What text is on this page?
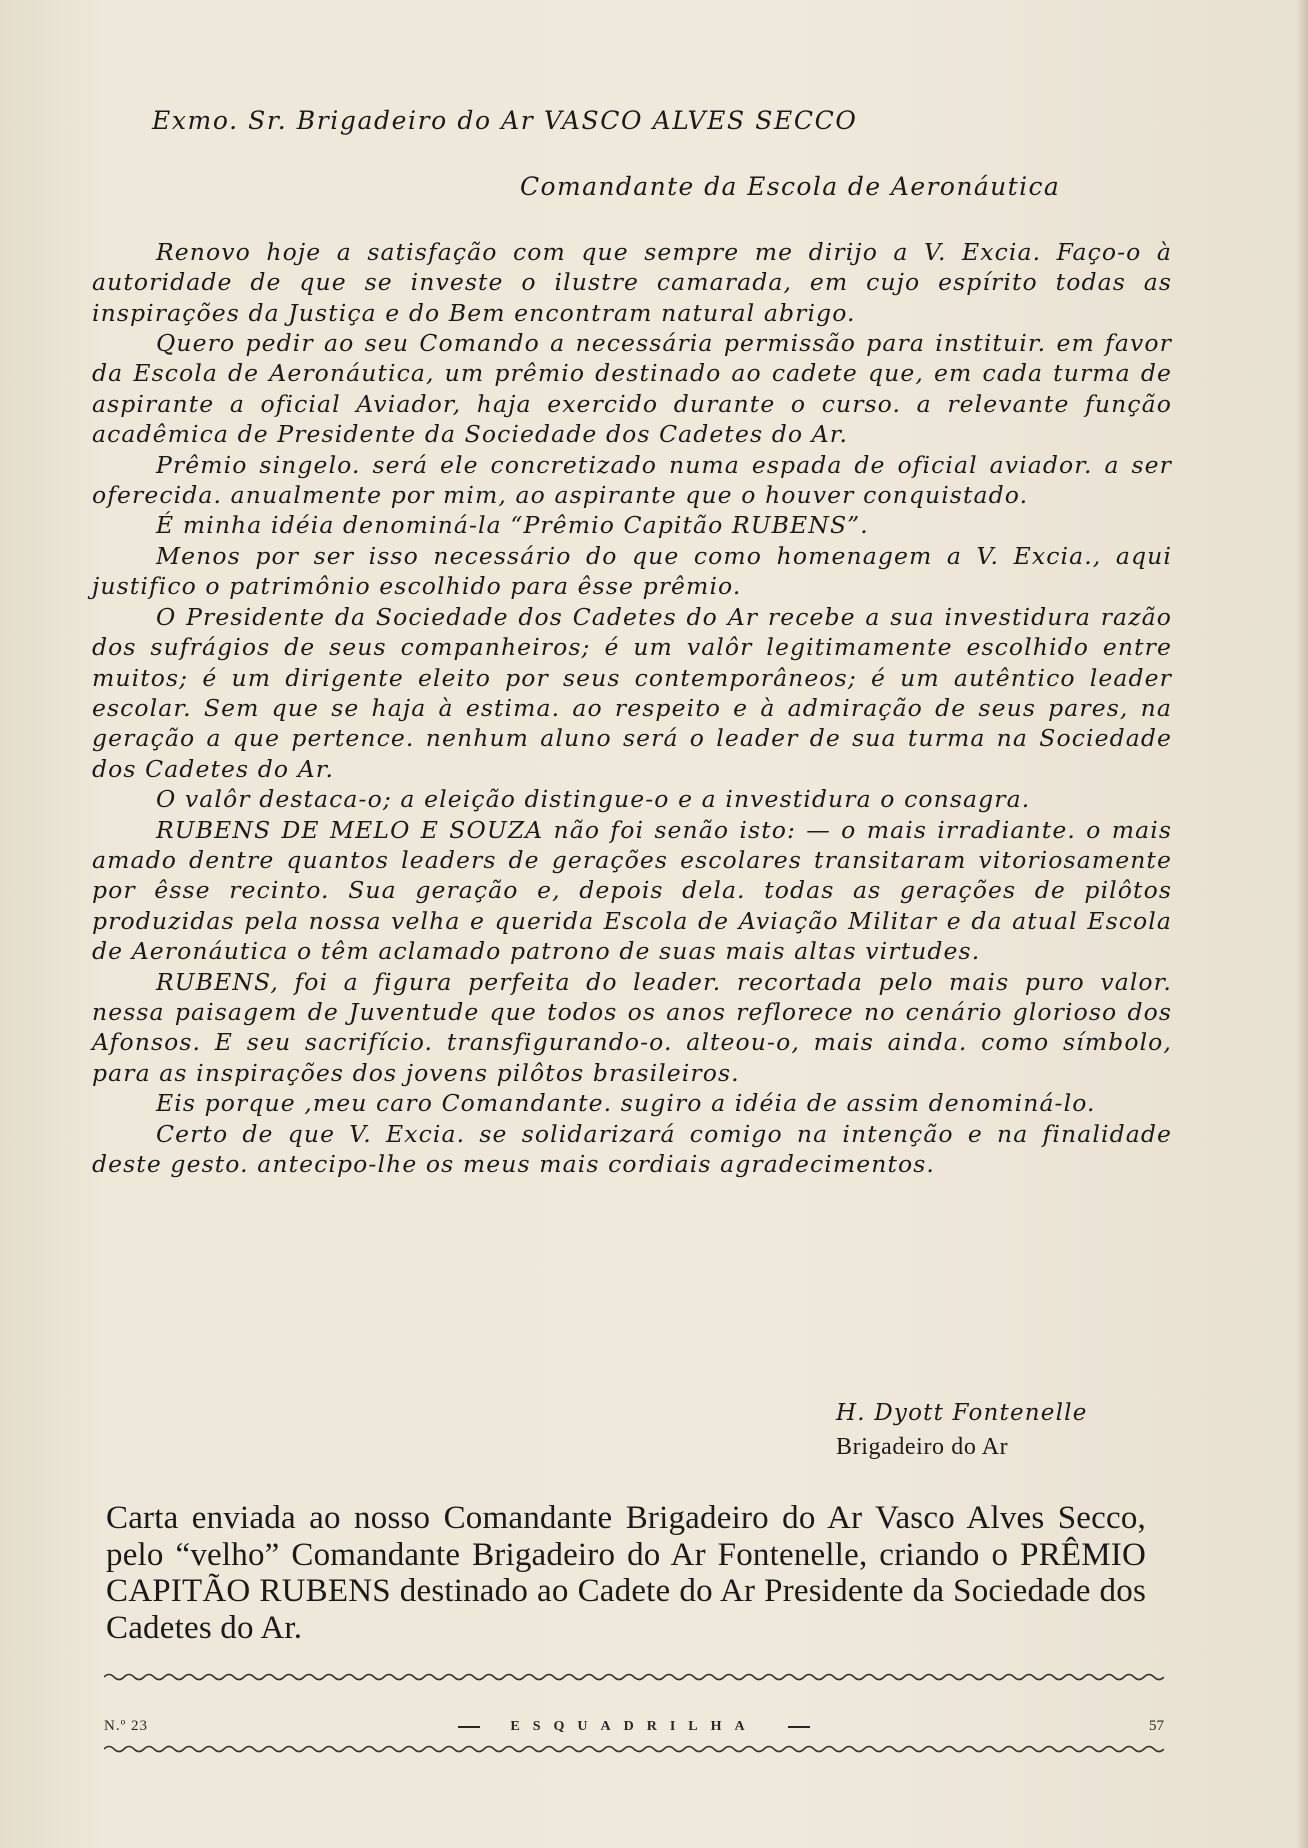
Exmo. Sr. Brigadeiro do Ar VASCO ALVES SECCO

Comandante da Escola de Aeronáutica

Renovo hoje a satisfação com que sempre me dirijo a V. Excia. Faço-o à autoridade de que se investe o ilustre camarada, em cujo espírito todas as inspirações da Justiça e do Bem encontram natural abrigo.

Quero pedir ao seu Comando a necessária permissão para instituir. em favor da Escola de Aeronáutica, um prêmio destinado ao cadete que, em cada turma de aspirante a oficial Aviador, haja exercido durante o curso. a relevante função acadêmica de Presidente da Sociedade dos Cadetes do Ar.

Prêmio singelo. será ele concretizado numa espada de oficial aviador. a ser oferecida. anualmente por mim, ao aspirante que o houver conquistado.

É minha idéia denominá-la “Prêmio Capitão RUBENS”.

Menos por ser isso necessário do que como homenagem a V. Excia., aqui justifico o patrimônio escolhido para êsse prêmio.

O Presidente da Sociedade dos Cadetes do Ar recebe a sua investidura razão dos sufrágios de seus companheiros; é um valôr legitimamente escolhido entre muitos; é um dirigente eleito por seus contemporâneos; é um autêntico leader escolar. Sem que se haja à estima. ao respeito e à admiração de seus pares, na geração a que pertence. nenhum aluno será o leader de sua turma na Sociedade dos Cadetes do Ar.

O valôr destaca-o; a eleição distingue-o e a investidura o consagra.

RUBENS DE MELO E SOUZA não foi senão isto: — o mais irradiante. o mais amado dentre quantos leaders de gerações escolares transitaram vitoriosamente por êsse recinto. Sua geração e, depois dela. todas as gerações de pilôtos produzidas pela nossa velha e querida Escola de Aviação Militar e da atual Escola de Aeronáutica o têm aclamado patrono de suas mais altas virtudes.

RUBENS, foi a figura perfeita do leader. recortada pelo mais puro valor. nessa paisagem de Juventude que todos os anos reflorece no cenário glorioso dos Afonsos. E seu sacrifício. transfigurando-o. alteou-o, mais ainda. como símbolo, para as inspirações dos jovens pilôtos brasileiros.

Eis porque ,meu caro Comandante. sugiro a idéia de assim denominá-lo.

Certo de que V. Excia. se solidarizará comigo na intenção e na finalidade deste gesto. antecipo-lhe os meus mais cordiais agradecimentos.

H. Dyott Fontenelle
Brigadeiro do Ar
Carta enviada ao nosso Comandante Brigadeiro do Ar Vasco Alves Secco, pelo “velho” Comandante Brigadeiro do Ar Fontenelle, criando o PRÊMIO CAPITÃO RUBENS destinado ao Cadete do Ar Presidente da Sociedade dos Cadetes do Ar.
N.º 23	ESQUADRILHA	57
